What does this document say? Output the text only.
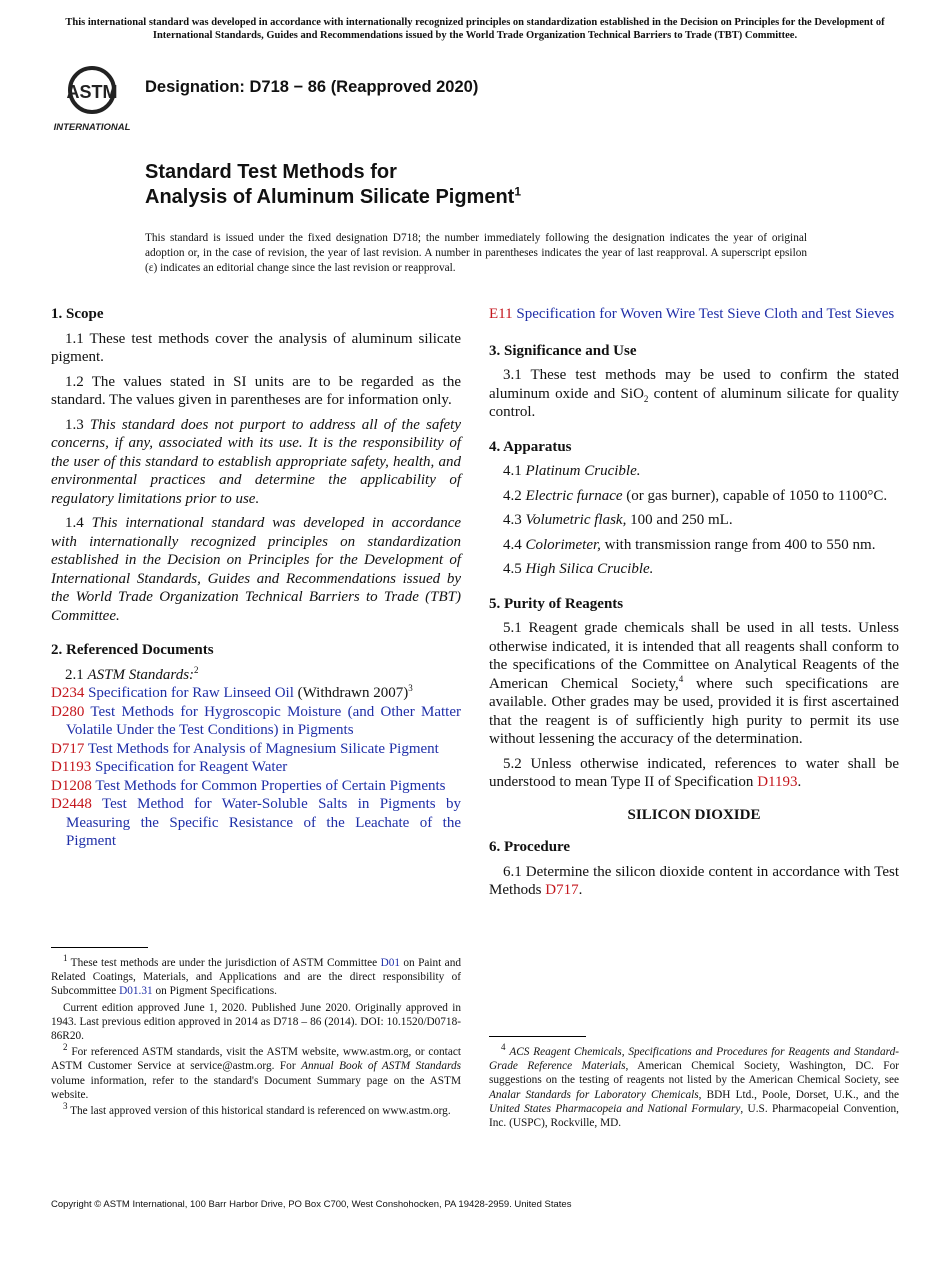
This international standard was developed in accordance with internationally recognized principles on standardization established in the Decision on Principles for the Development of International Standards, Guides and Recommendations issued by the World Trade Organization Technical Barriers to Trade (TBT) Committee.
ASTM
INTERNATIONAL
Designation: D718 − 86 (Reapproved 2020)
Standard Test Methods for
Analysis of Aluminum Silicate Pigment$^1$
This standard is issued under the fixed designation D718; the number immediately following the designation indicates the year of original adoption or, in the case of revision, the year of last revision. A number in parentheses indicates the year of last reapproval. A superscript epsilon (ε) indicates an editorial change since the last revision or reapproval.
1. Scope

1.1 These test methods cover the analysis of aluminum silicate pigment.

1.2 The values stated in SI units are to be regarded as the standard. The values given in parentheses are for information only.

1.3 This standard does not purport to address all of the safety concerns, if any, associated with its use. It is the responsibility of the user of this standard to establish appropriate safety, health, and environmental practices and determine the applicability of regulatory limitations prior to use.

1.4 This international standard was developed in accordance with internationally recognized principles on standardization established in the Decision on Principles for the Development of International Standards, Guides and Recommendations issued by the World Trade Organization Technical Barriers to Trade (TBT) Committee.

2. Referenced Documents

2.1 ASTM Standards:$^2$

D234 Specification for Raw Linseed Oil (Withdrawn 2007)$^3$
D280 Test Methods for Hygroscopic Moisture (and Other Matter Volatile Under the Test Conditions) in Pigments
D717 Test Methods for Analysis of Magnesium Silicate Pigment
D1193 Specification for Reagent Water
D1208 Test Methods for Common Properties of Certain Pigments
D2448 Test Method for Water-Soluble Salts in Pigments by Measuring the Specific Resistance of the Leachate of the Pigment

$^1$ These test methods are under the jurisdiction of ASTM Committee D01 on Paint and Related Coatings, Materials, and Applications and are the direct responsibility of Subcommittee D01.31 on Pigment Specifications.

Current edition approved June 1, 2020. Published June 2020. Originally approved in 1943. Last previous edition approved in 2014 as D718 – 86 (2014). DOI: 10.1520/D0718-86R20.

$^2$ For referenced ASTM standards, visit the ASTM website, www.astm.org, or contact ASTM Customer Service at service@astm.org. For Annual Book of ASTM Standards volume information, refer to the standard's Document Summary page on the ASTM website.

$^3$ The last approved version of this historical standard is referenced on www.astm.org.

E11 Specification for Woven Wire Test Sieve Cloth and Test Sieves
3. Significance and Use

3.1 These test methods may be used to confirm the stated aluminum oxide and SiO$_2$ content of aluminum silicate for quality control.

4. Apparatus

4.1 Platinum Crucible.

4.2 Electric furnace (or gas burner), capable of 1050 to 1100°C.

4.3 Volumetric flask, 100 and 250 mL.

4.4 Colorimeter, with transmission range from 400 to 550 nm.

4.5 High Silica Crucible.

5. Purity of Reagents

5.1 Reagent grade chemicals shall be used in all tests. Unless otherwise indicated, it is intended that all reagents shall conform to the specifications of the Committee on Analytical Reagents of the American Chemical Society,$^4$ where such specifications are available. Other grades may be used, provided it is first ascertained that the reagent is of sufficiently high purity to permit its use without lessening the accuracy of the determination.

5.2 Unless otherwise indicated, references to water shall be understood to mean Type II of Specification D1193.

SILICON DIOXIDE
6. Procedure

6.1 Determine the silicon dioxide content in accordance with Test Methods D717.

$^4$ ACS Reagent Chemicals, Specifications and Procedures for Reagents and Standard-Grade Reference Materials, American Chemical Society, Washington, DC. For suggestions on the testing of reagents not listed by the American Chemical Society, see Analar Standards for Laboratory Chemicals, BDH Ltd., Poole, Dorset, U.K., and the United States Pharmacopeia and National Formulary, U.S. Pharmacopeial Convention, Inc. (USPC), Rockville, MD.

Copyright © ASTM International, 100 Barr Harbor Drive, PO Box C700, West Conshohocken, PA 19428-2959. United States
